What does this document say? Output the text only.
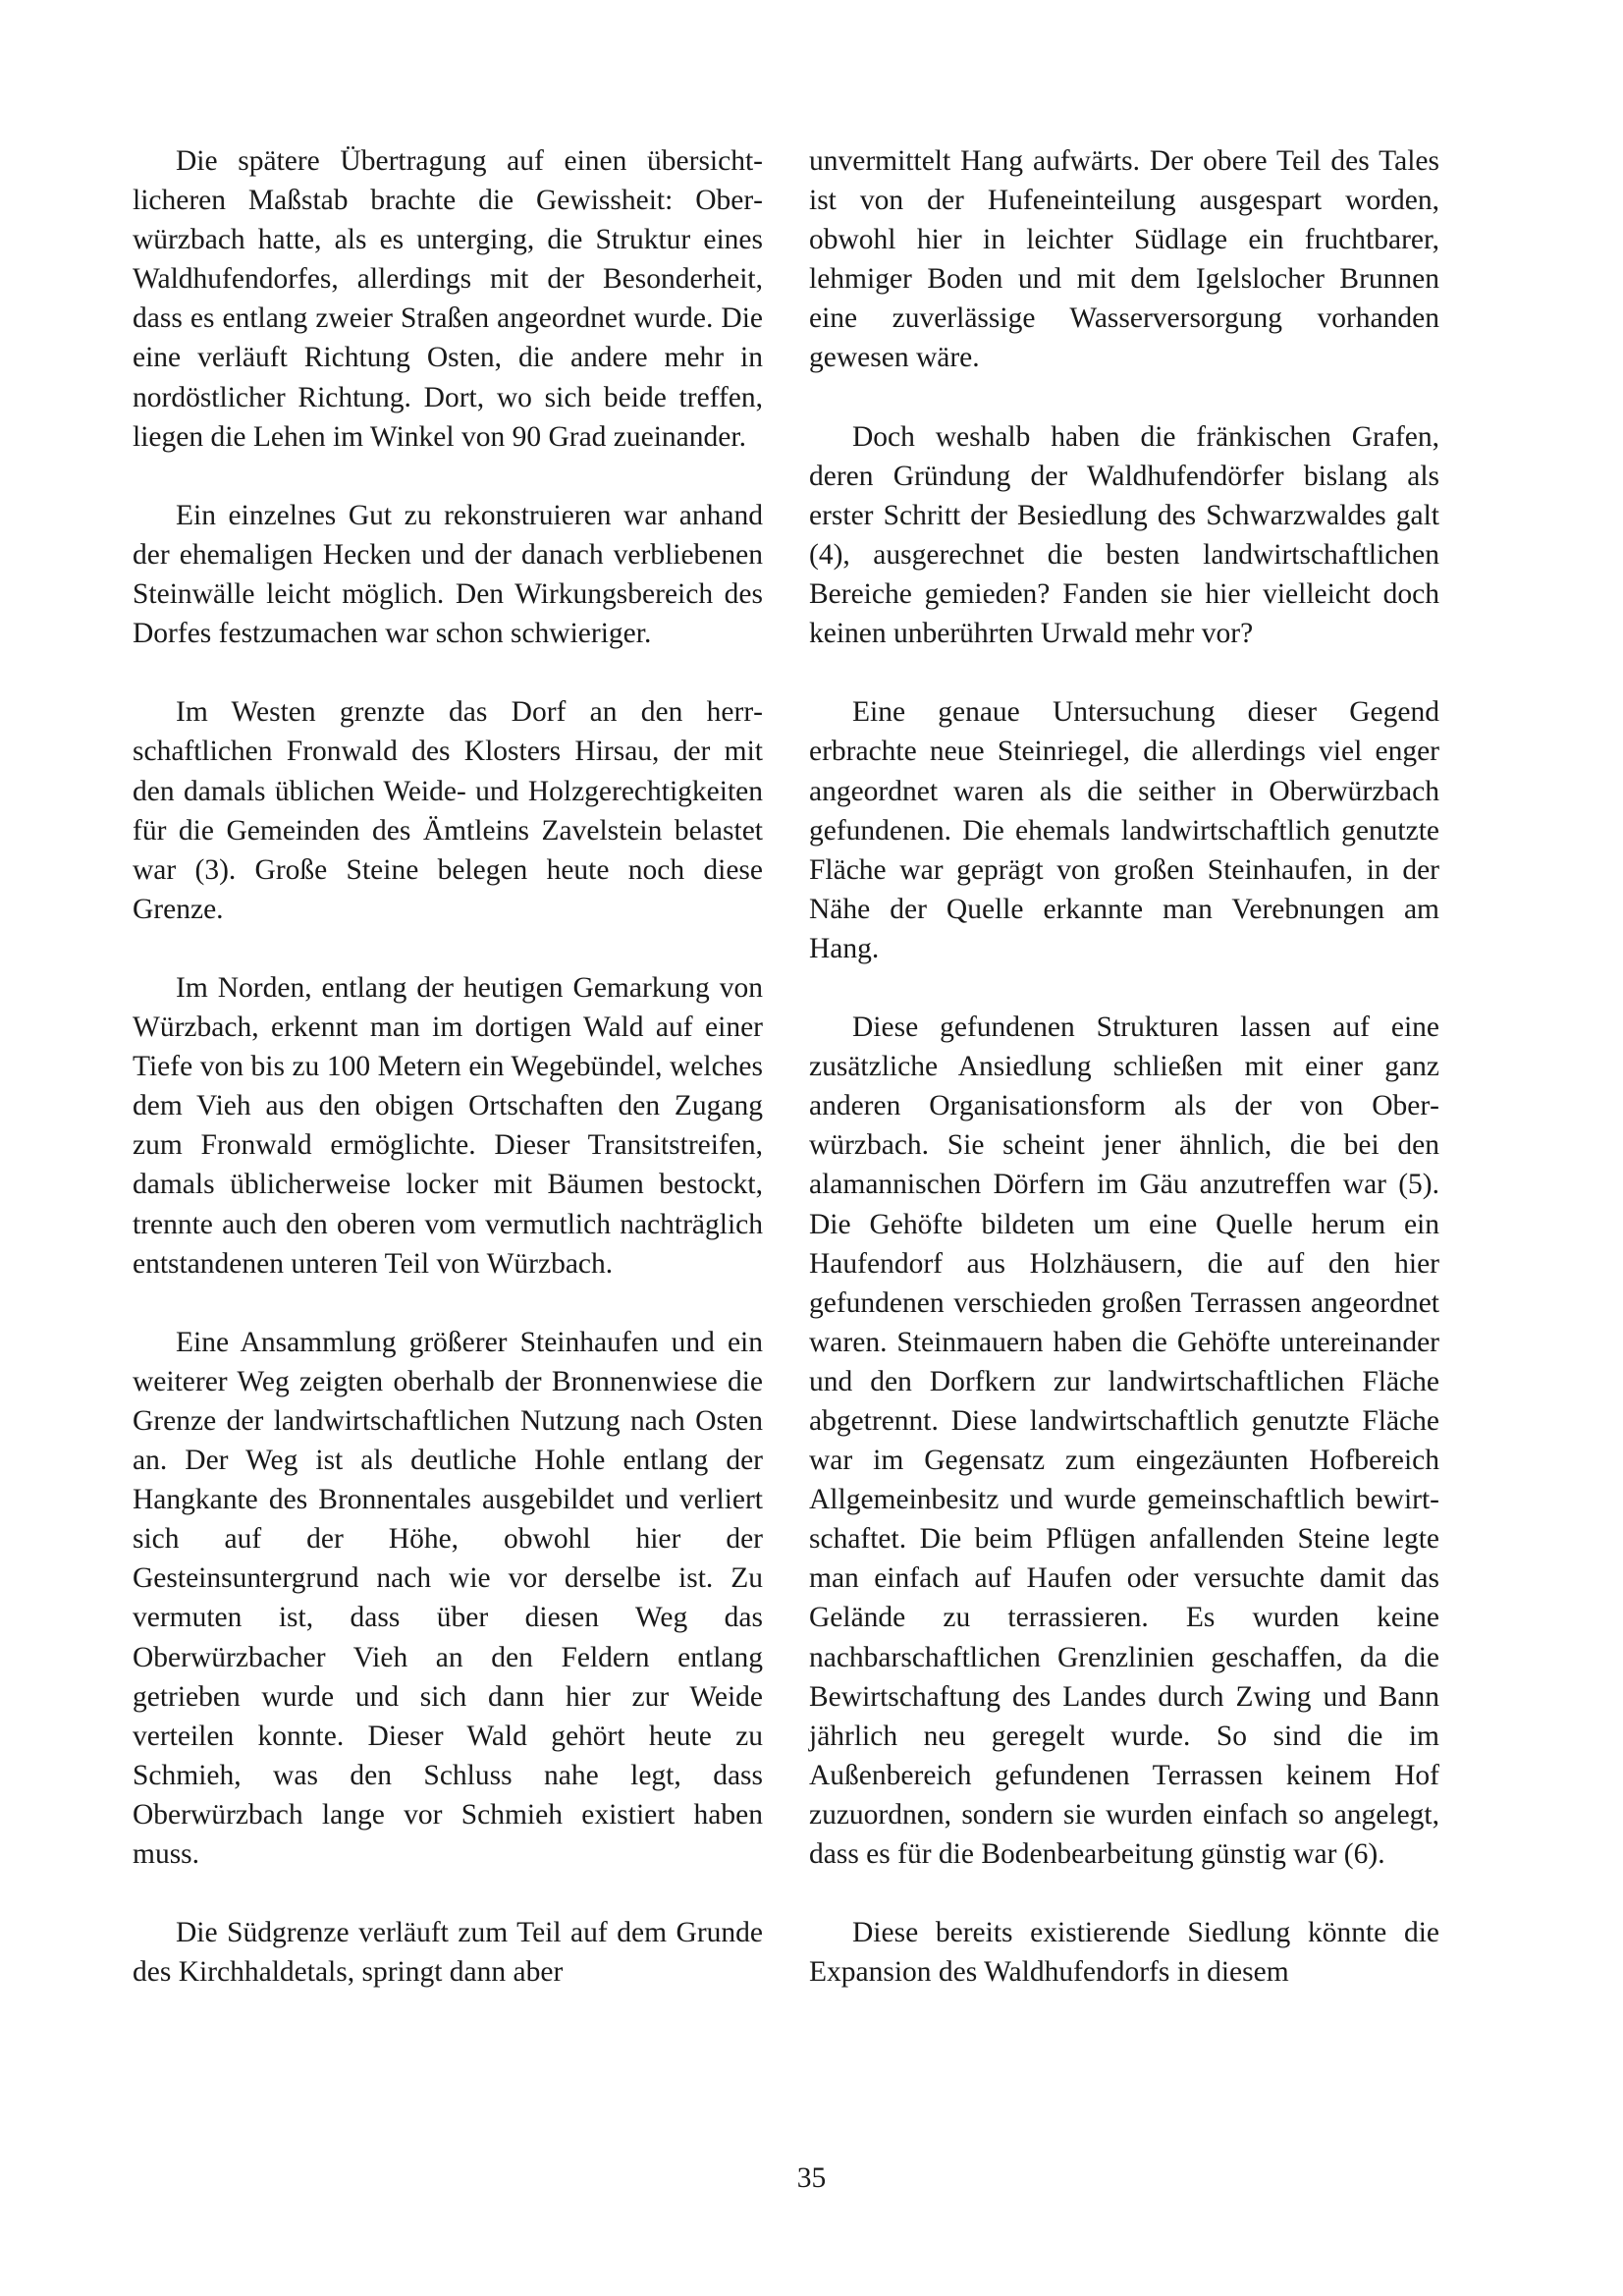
Die spätere Übertragung auf einen übersichtlicheren Maßstab brachte die Gewissheit: Oberwürzbach hatte, als es unterging, die Struktur eines Waldhufendorfes, allerdings mit der Besonderheit, dass es entlang zweier Straßen angeordnet wurde. Die eine verläuft Richtung Osten, die andere mehr in nordöstlicher Richtung. Dort, wo sich beide treffen, liegen die Lehen im Winkel von 90 Grad zueinander.

Ein einzelnes Gut zu rekonstruieren war anhand der ehemaligen Hecken und der danach verbliebenen Steinwälle leicht möglich. Den Wirkungsbereich des Dorfes festzumachen war schon schwieriger.

Im Westen grenzte das Dorf an den herrschaftlichen Fronwald des Klosters Hirsau, der mit den damals üblichen Weide- und Holzgerechtigkeiten für die Gemeinden des Ämtleins Zavelstein belastet war (3). Große Steine belegen heute noch diese Grenze.

Im Norden, entlang der heutigen Gemarkung von Würzbach, erkennt man im dortigen Wald auf einer Tiefe von bis zu 100 Metern ein Wegebündel, welches dem Vieh aus den obigen Ortschaften den Zugang zum Fronwald ermöglichte. Dieser Transitstreifen, damals üblicherweise locker mit Bäumen bestockt, trennte auch den oberen vom vermutlich nachträglich entstandenen unteren Teil von Würzbach.

Eine Ansammlung größerer Steinhaufen und ein weiterer Weg zeigten oberhalb der Bronnenwiese die Grenze der landwirtschaftlichen Nutzung nach Osten an. Der Weg ist als deutliche Hohle entlang der Hangkante des Bronnentales ausgebildet und verliert sich auf der Höhe, obwohl hier der Gesteinsuntergrund nach wie vor derselbe ist. Zu vermuten ist, dass über diesen Weg das Oberwürzbacher Vieh an den Feldern entlang getrieben wurde und sich dann hier zur Weide verteilen konnte. Dieser Wald gehört heute zu Schmieh, was den Schluss nahe legt, dass Oberwürzbach lange vor Schmieh existiert haben muss.

Die Südgrenze verläuft zum Teil auf dem Grunde des Kirchhaldetals, springt dann aber

unvermittelt Hang aufwärts. Der obere Teil des Tales ist von der Hufeneinteilung ausgespart worden, obwohl hier in leichter Südlage ein fruchtbarer, lehmiger Boden und mit dem Igelslocher Brunnen eine zuverlässige Wasserversorgung vorhanden gewesen wäre.

Doch weshalb haben die fränkischen Grafen, deren Gründung der Waldhufendörfer bislang als erster Schritt der Besiedlung des Schwarzwaldes galt (4), ausgerechnet die besten landwirtschaftlichen Bereiche gemieden? Fanden sie hier vielleicht doch keinen unberührten Urwald mehr vor?

Eine genaue Untersuchung dieser Gegend erbrachte neue Steinriegel, die allerdings viel enger angeordnet waren als die seither in Oberwürzbach gefundenen. Die ehemals landwirtschaftlich genutzte Fläche war geprägt von großen Steinhaufen, in der Nähe der Quelle erkannte man Verebnungen am Hang.

Diese gefundenen Strukturen lassen auf eine zusätzliche Ansiedlung schließen mit einer ganz anderen Organisationsform als der von Oberwürzbach. Sie scheint jener ähnlich, die bei den alamannischen Dörfern im Gäu anzutreffen war (5). Die Gehöfte bildeten um eine Quelle herum ein Haufendorf aus Holzhäusern, die auf den hier gefundenen verschieden großen Terrassen angeordnet waren. Steinmauern haben die Gehöfte untereinander und den Dorfkern zur landwirtschaftlichen Fläche abgetrennt. Diese landwirtschaftlich genutzte Fläche war im Gegensatz zum eingezäunten Hofbereich Allgemeinbesitz und wurde gemeinschaftlich bewirtschaftet. Die beim Pflügen anfallenden Steine legte man einfach auf Haufen oder versuchte damit das Gelände zu terrassieren. Es wurden keine nachbarschaftlichen Grenzlinien geschaffen, da die Bewirtschaftung des Landes durch Zwing und Bann jährlich neu geregelt wurde. So sind die im Außenbereich gefundenen Terrassen keinem Hof zuzuordnen, sondern sie wurden einfach so angelegt, dass es für die Bodenbearbeitung günstig war (6).

Diese bereits existierende Siedlung könnte die Expansion des Waldhufendorfs in diesem

35
